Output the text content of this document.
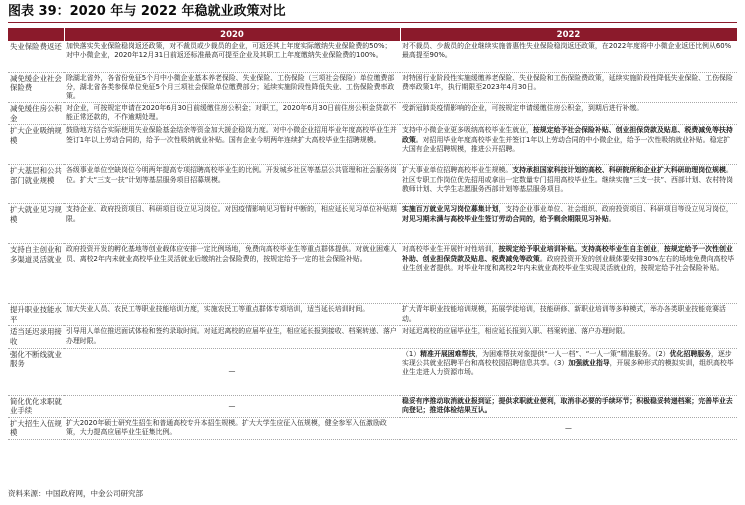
图表 39：2020 年与 2022 年稳就业政策对比
	2020	2022
失业保险费返还	加快落实失业保险稳岗返还政策，对不裁员或少裁员的企业，可返还其上年度实际缴纳失业保险费的50%；对中小微企业，2020年12月31日前返还标准最高可提至企业及其职工上年度缴纳失业保险费的100%。	对不裁员、少裁员的企业继续实施普惠性失业保险稳岗返还政策，在2022年度将中小微企业返还比例从60%最高提至90%。
减免缓企业社会保险费	除湖北省外，各省份免征5个月中小微企业基本养老保险、失业保险、工伤保险（三项社会保险）单位缴费部分，湖北省各类参保单位免征5个月三项社会保险单位缴费部分；延续实施阶段性降低失业、工伤保险费率政策。	对特困行业阶段性实施缓缴养老保险、失业保险和工伤保险费政策，延续实施阶段性降低失业保险、工伤保险费率政策1年，执行期限至2023年4月30日。
减免缓住房公积金	对企业，可按规定申请在2020年6月30日前缓缴住房公积金；对职工，2020年6月30日前住房公积金贷款不能正常还款的，不作逾期处理。	受新冠肺炎疫情影响的企业，可按规定申请缓缴住房公积金，到期后进行补缴。
扩大企业吸纳规模	鼓励地方结合实际使用失业保险基金结余等资金加大援企稳岗力度。对中小微企业招用毕业年度高校毕业生并签订1年以上劳动合同的，给予一次性吸纳就业补贴。国有企业今明两年连续扩大高校毕业生招聘规模。	支持中小微企业更多吸纳高校毕业生就业，按规定给予社会保险补贴、创业担保贷款及贴息、税费减免等扶持政策。对招用毕业年度高校毕业生并签订1年以上劳动合同的中小微企业，给予一次性吸纳就业补贴。稳定扩大国有企业招聘规模，推进公开招聘。
扩大基层和公共部门就业规模	各级事业单位空缺岗位今明两年提高专项招聘高校毕业生的比例。开发城乡社区等基层公共管理和社会服务岗位。扩大“三支一扶”计划等基层服务项目招募规模。	扩大事业单位招聘高校毕业生规模。支持承担国家科技计划的高校、科研院所和企业扩大科研助理岗位规模。社区专职工作岗位优先招用或拿出一定数量专门招用高校毕业生。继续实施“三支一扶”、西部计划、农村特岗教师计划、大学生志愿服务西部计划等基层服务项目。
扩大就业见习规模	支持企业、政府投资项目、科研项目设立见习岗位。对因疫情影响见习暂时中断的，相应延长见习单位补贴期限。	实施百万就业见习岗位募集计划，支持企业事业单位、社会组织、政府投资项目、科研项目等设立见习岗位，对见习期未满与高校毕业生签订劳动合同的，给予剩余期限见习补贴。
支持自主创业和多渠道灵活就业	政府投资开发的孵化基地等创业载体应安排一定比例场地，免费向高校毕业生等重点群体提供。对就业困难人员、离校2年内未就业高校毕业生灵活就业后缴纳社会保险费的，按规定给予一定的社会保险补贴。	对高校毕业生开展针对性培训，按规定给予职业培训补贴。支持高校毕业生自主创业，按规定给予一次性创业补助、创业担保贷款及贴息、税费减免等政策。政府投资开发的创业载体要安排30%左右的场地免费向高校毕业生创业者提供。对毕业年度和离校2年内未就业高校毕业生实现灵活就业的，按规定给予社会保险补贴。
提升职业技能水平	加大失业人员、农民工等职业技能培训力度，实施农民工等重点群体专项培训，适当延长培训时间。	扩大青年职业技能培训规模，拓展学徒培训，技能研修、新职业培训等多种模式，举办各类职业技能竞赛活动。
适当延迟录用接收	引导用人单位推迟面试体检和签约录取时间。对延迟离校的应届毕业生，相应延长报到接收、档案转递、落户办理时限。	对延迟离校的应届毕业生，相应延长报到入职、档案转递、落户办理时限。
强化不断线就业服务	—	（1）精准开展困难帮扶，为困难帮扶对象提供“一人一档”、“一人一策”精准服务。（2）优化招聘服务，逐步实现公共就业招聘平台和高校校园招聘信息共享。（3）加强就业指导，开展多种形式的模拟实训，组织高校毕业生走进人力资源市场。
简化优化求职就业手续	—	稳妥有序推动取消就业报到证；提供求职就业便利，取消非必要的手续环节；积极稳妥转递档案；完善毕业去向登记；推进体检结果互认。
扩大招生入伍规模	扩大2020年硕士研究生招生和普通高校专升本招生规模。扩大大学生应征入伍规模，健全参军入伍激励政策，大力提高应届毕业生征集比例。	—
资料来源：中国政府网，中金公司研究部
